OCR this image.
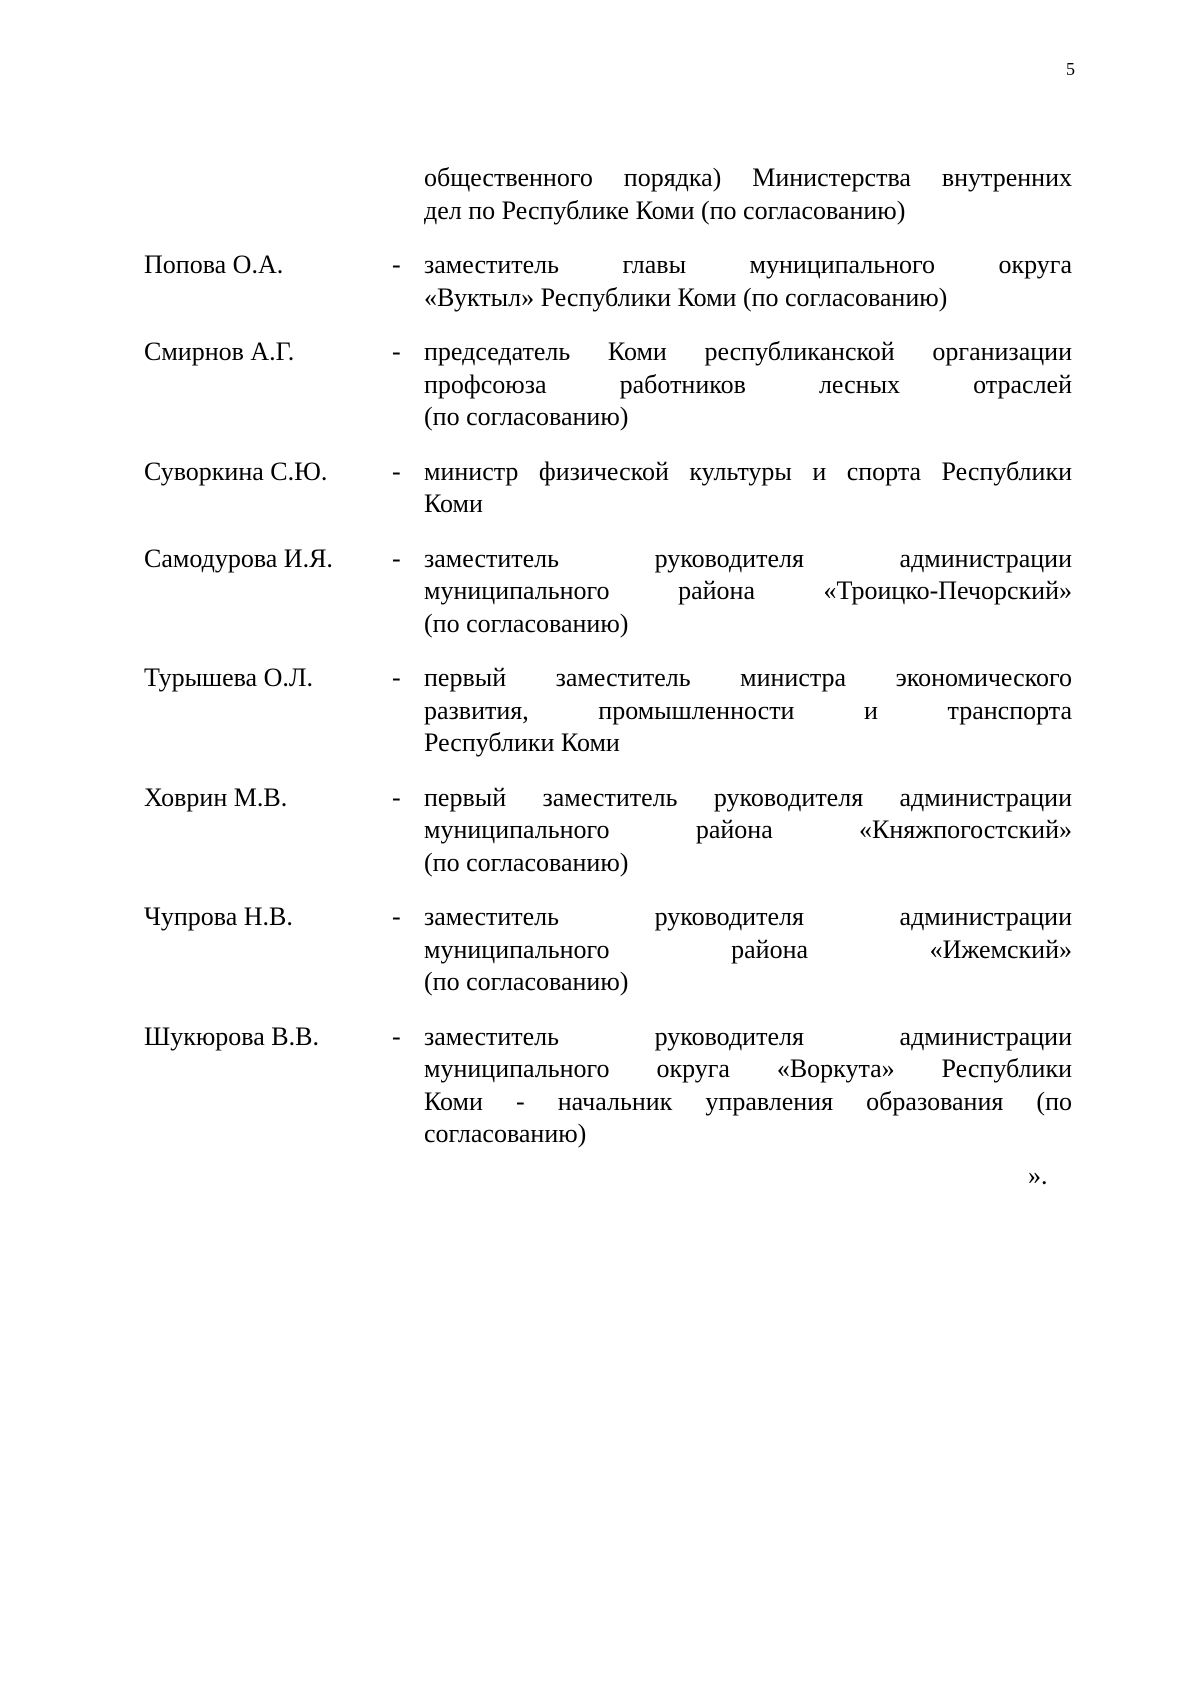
5
общественного порядка) Министерства внутренних
дел по Республике Коми (по согласованию)
Попова О.А.	- заместитель главы муниципального округа
«Вуктыл» Республики Коми (по согласованию)
Смирнов А.Г.	- председатель Коми республиканской организации
профсоюза работников лесных отраслей
(по согласованию)
Суворкина С.Ю.	- министр физической культуры и спорта Республики
Коми
Самодурова И.Я.	- заместитель руководителя администрации
муниципального района «Троицко-Печорский»
(по согласованию)
Турышева О.Л.	- первый заместитель министра экономического
развития, промышленности и транспорта
Республики Коми
Ховрин М.В.	- первый заместитель руководителя администрации
муниципального района «Княжпогостский»
(по согласованию)
Чупрова Н.В.	- заместитель руководителя администрации
муниципального района «Ижемский»
(по согласованию)
Шукюрова В.В.	- заместитель руководителя администрации
муниципального округа «Воркута» Республики
Коми - начальник управления образования (по
согласованию)
».
